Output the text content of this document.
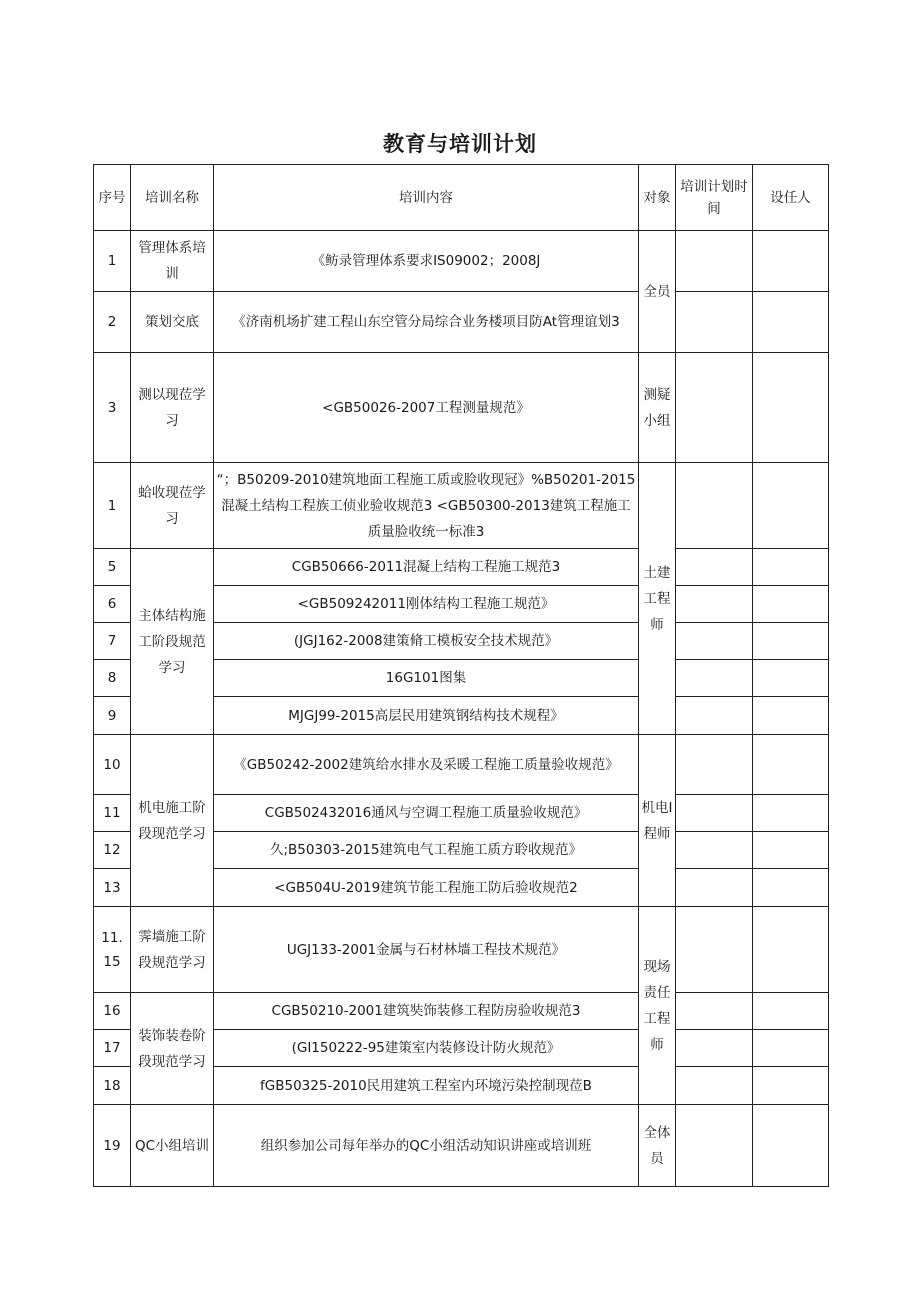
教育与培训计划
序号	培训名称	培训内容	对象	培训计划时间	设任人
1	管理体系培训	《鲂录管理体系要求IS09002；2008J	全员		
2	策划交底	《济南机场扩建工程山东空管分局综合业务楼项目防At管理谊划3			
3	测以现莅学习	<GB50026-2007工程测量规范》	测疑小组		
1	蛤收现莅学习	“；B50209-2010建筑地面工程施工质或脸收现冠》%B50201-2015混凝土结构工程族工侦业验收规范3 <GB50300-2013建筑工程施工质量脸收统一标准3	土建工程师		
5	主体结构施工阶段规范学习	CGB50666-2011混凝上结构工程施工规范3			
6		<GB509242011刚体结构工程施工规范》			
7		(JGJ162-2008建策脩工模板安全技术规范》			
8		16G101图集			
9		MJGJ99-2015高层民用建筑钢结构技术规程》			
10	机电施工阶段现范学习	《GB50242-2002建筑给水排水及采暖工程施工质量验收规范》	机电I程师		
11		CGB502432016通风与空调工程施工质量验收规范》			
12		久;B50303-2015建筑电气工程施工质方聆收规范》			
13		<GB504U-2019建筑节能工程施工防后验收规范2			
11. 15	霁墙施工阶段规范学习	UGJ133-2001金属与石材林墙工程技术规范》	现场责任工程师		
16	装饰装卷阶段现范学习	CGB50210-2001建筑奘饰装修工程防房验收规范3			
17		(GI150222-95建策室内装修设计防火规范》			
18		fGB50325-2010民用建筑工程室内环境污染控制现莅B			
19	QC小组培训	组织参加公司每年举办的QC小组活动知识讲座或培训班	全体员		
